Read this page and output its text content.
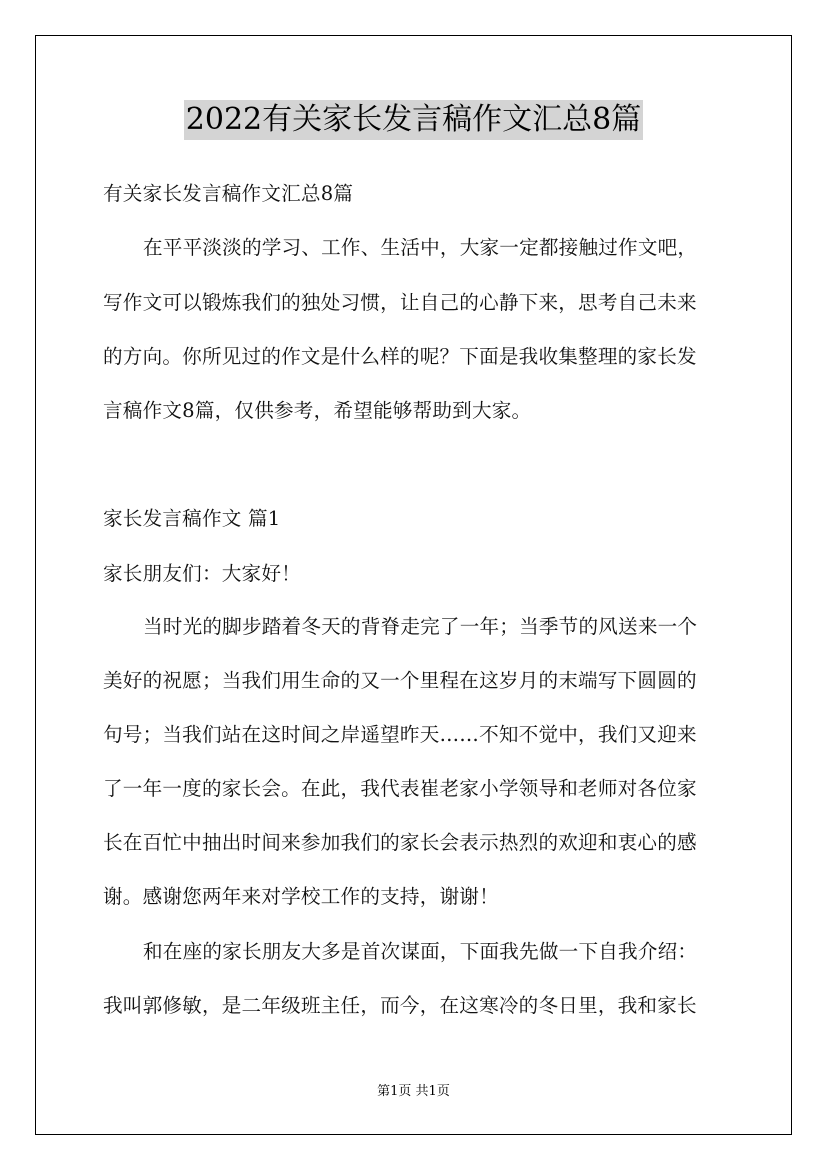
2022有关家长发言稿作文汇总8篇
有关家长发言稿作文汇总8篇
在平平淡淡的学习、工作、生活中，大家一定都接触过作文吧，
写作文可以锻炼我们的独处习惯，让自己的心静下来，思考自己未来
的方向。你所见过的作文是什么样的呢？下面是我收集整理的家长发
言稿作文8篇，仅供参考，希望能够帮助到大家。
家长发言稿作文 篇1
家长朋友们：大家好！
当时光的脚步踏着冬天的背脊走完了一年；当季节的风送来一个
美好的祝愿；当我们用生命的又一个里程在这岁月的末端写下圆圆的
句号；当我们站在这时间之岸遥望昨天……不知不觉中，我们又迎来
了一年一度的家长会。在此，我代表崔老家小学领导和老师对各位家
长在百忙中抽出时间来参加我们的家长会表示热烈的欢迎和衷心的感
谢。感谢您两年来对学校工作的支持，谢谢！
和在座的家长朋友大多是首次谋面，下面我先做一下自我介绍：
我叫郭修敏，是二年级班主任，而今，在这寒冷的冬日里，我和家长
第1页 共1页
